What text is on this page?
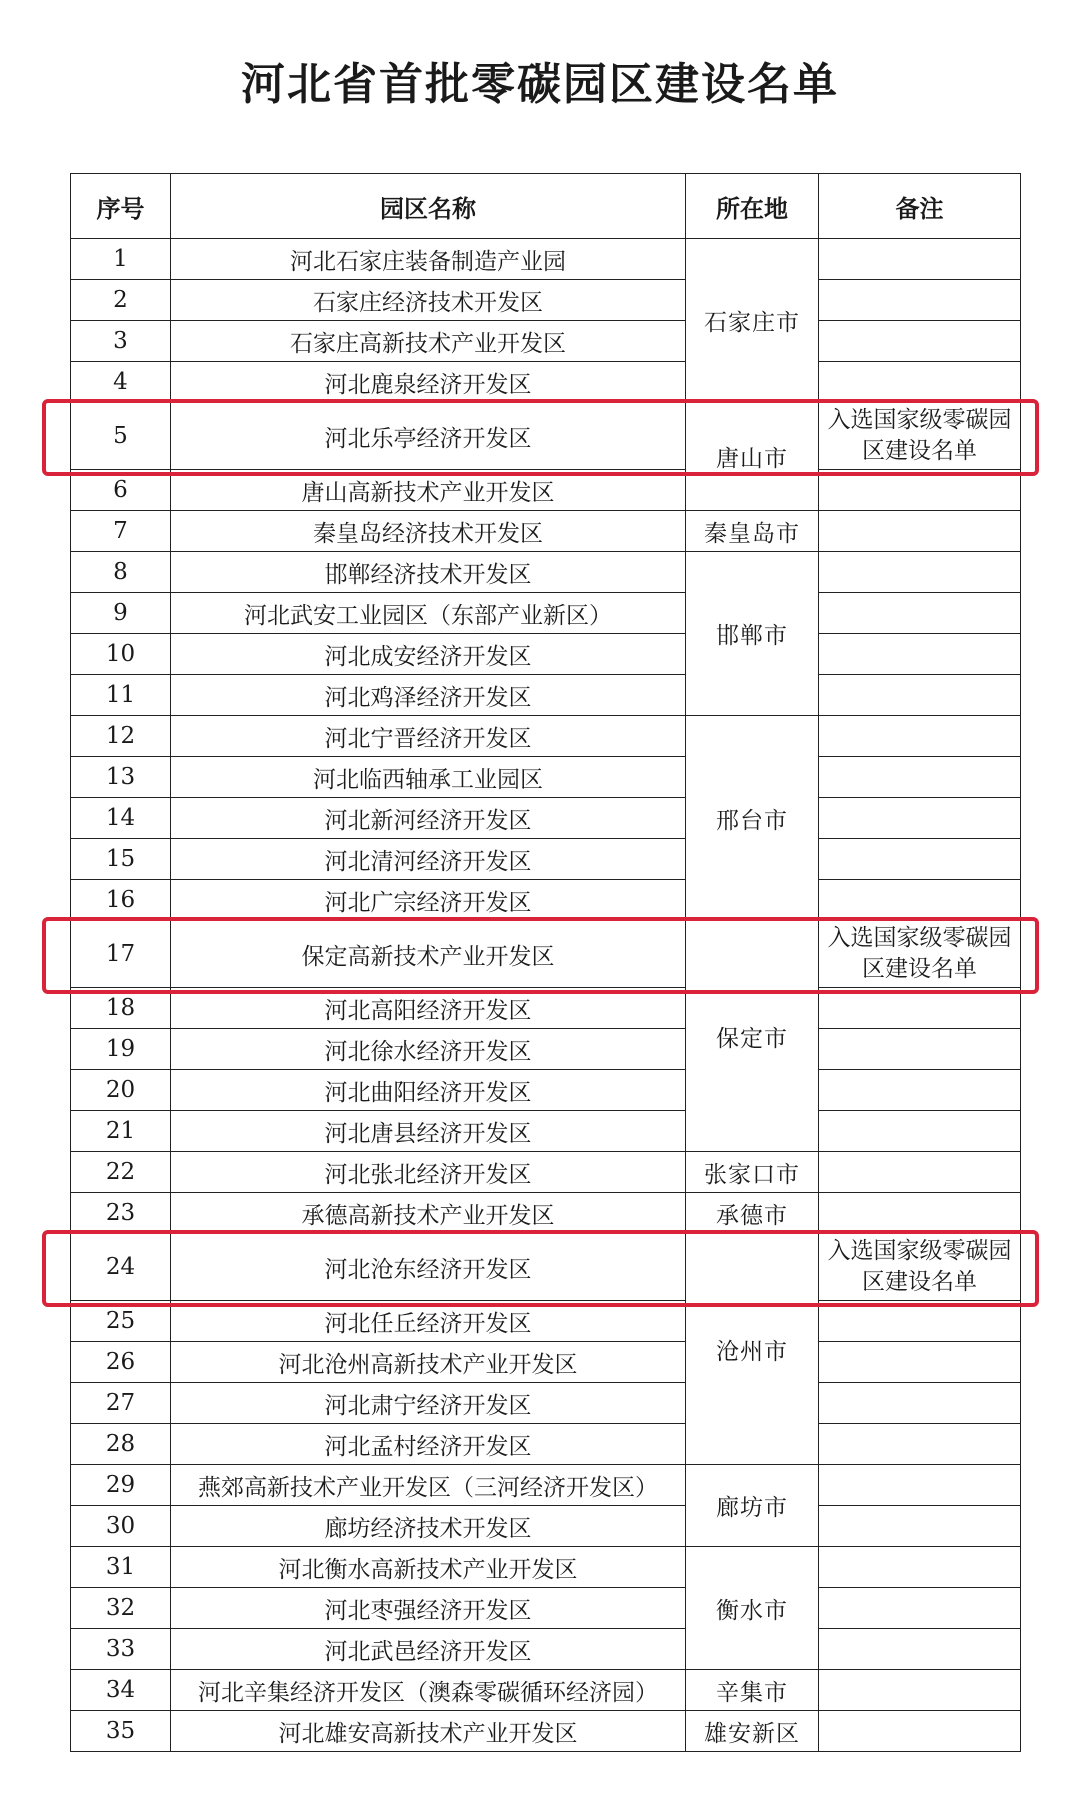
河北省首批零碳园区建设名单
序号	园区名称	所在地	备注
1	河北石家庄装备制造产业园	石家庄市	
2	石家庄经济技术开发区		
3	石家庄高新技术产业开发区		
4	河北鹿泉经济开发区		
5	河北乐亭经济开发区	唐山市	入选国家级零碳园区建设名单
6	唐山高新技术产业开发区		
7	秦皇岛经济技术开发区	秦皇岛市	
8	邯郸经济技术开发区	邯郸市	
9	河北武安工业园区（东部产业新区）		
10	河北成安经济开发区		
11	河北鸡泽经济开发区		
12	河北宁晋经济开发区	邢台市	
13	河北临西轴承工业园区		
14	河北新河经济开发区		
15	河北清河经济开发区		
16	河北广宗经济开发区		
17	保定高新技术产业开发区	保定市	入选国家级零碳园区建设名单
18	河北高阳经济开发区		
19	河北徐水经济开发区		
20	河北曲阳经济开发区		
21	河北唐县经济开发区		
22	河北张北经济开发区	张家口市	
23	承德高新技术产业开发区	承德市	
24	河北沧东经济开发区	沧州市	入选国家级零碳园区建设名单
25	河北任丘经济开发区		
26	河北沧州高新技术产业开发区		
27	河北肃宁经济开发区		
28	河北孟村经济开发区		
29	燕郊高新技术产业开发区（三河经济开发区）	廊坊市	
30	廊坊经济技术开发区		
31	河北衡水高新技术产业开发区	衡水市	
32	河北枣强经济开发区		
33	河北武邑经济开发区		
34	河北辛集经济开发区（澳森零碳循环经济园）	辛集市	
35	河北雄安高新技术产业开发区	雄安新区	
